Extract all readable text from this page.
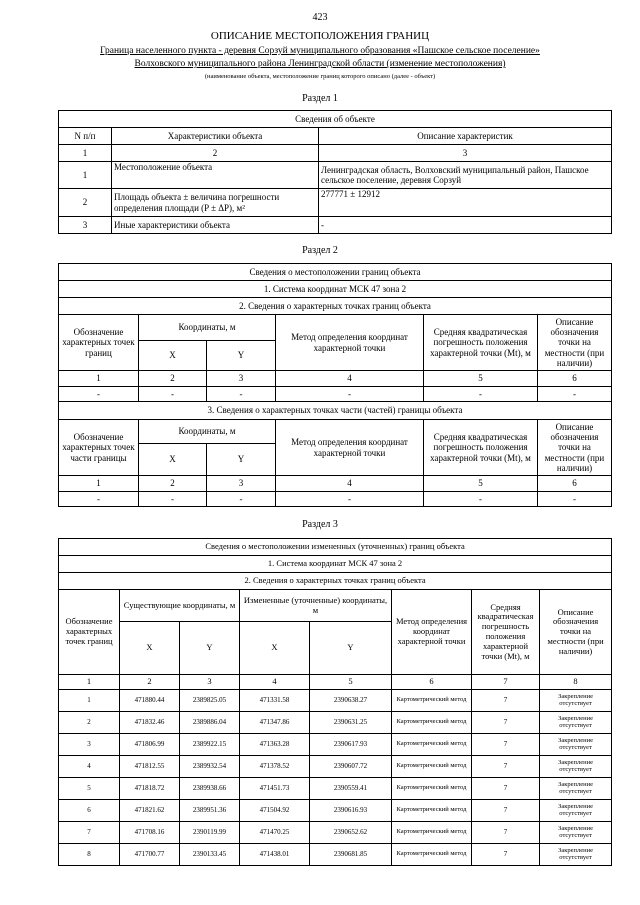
423
ОПИСАНИЕ МЕСТОПОЛОЖЕНИЯ ГРАНИЦ
Граница населенного пункта - деревня Сорзуй муниципального образования «Пашское сельское поселение»
Волховского муниципального района Ленинградской области (изменение местоположения)
(наименование объекта, местоположение границ которого описано (далее - объект)
Раздел 1
Сведения об объекте		
N п/п	Характеристики объекта	Описание характеристик
1	2	3
1	Местоположение объекта	Ленинградская область, Волховский муниципальный район, Пашское сельское поселение, деревня Сорзуй
2	Площадь объекта ± величина погрешности определения площади (P ± ΔP), м²	277771 ± 12912
3	Иные характеристики объекта	-
Раздел 2
Сведения о местоположении границ объекта					
1. Система координат МСК 47 зона 2					
2. Сведения о характерных точках границ объекта					
Обозначение характерных точек границ	Координаты, м		Метод определения координат характерной точки	Средняя квадратическая погрешность положения характерной точки (Mt), м	Описание обозначения точки на местности (при наличии)
	X	Y			
1	2	3	4	5	6
-	-	-	-	-	-
3. Сведения о характерных точках части (частей) границы объекта					
Обозначение характерных точек части границы	Координаты, м		Метод определения координат характерной точки	Средняя квадратическая погрешность положения характерной точки (Mt), м	Описание обозначения точки на местности (при наличии)
	X	Y			
1	2	3	4	5	6
-	-	-	-	-	-
Раздел 3
Сведения о местоположении измененных (уточненных) границ объекта							
1. Система координат МСК 47 зона 2							
2. Сведения о характерных точках границ объекта							
Обозначение характерных точек границ	Существующие координаты, м		Измененные (уточненные) координаты, м		Метод определения координат характерной точки	Средняя квадратическая погрешность положения характерной точки (Mt), м	Описание обозначения точки на местности (при наличии)
	X	Y	X	Y			
1	2	3	4	5	6	7	8
1	471880.44	2389825.05	471331.58	2390638.27	Картометрический метод	7	Закрепление отсутствует
2	471832.46	2389886.04	471347.86	2390631.25	Картометрический метод	7	Закрепление отсутствует
3	471806.99	2389922.15	471363.28	2390617.93	Картометрический метод	7	Закрепление отсутствует
4	471812.55	2389932.54	471378.52	2390607.72	Картометрический метод	7	Закрепление отсутствует
5	471818.72	2389938.66	471451.73	2390559.41	Картометрический метод	7	Закрепление отсутствует
6	471821.62	2389951.36	471504.92	2390616.93	Картометрический метод	7	Закрепление отсутствует
7	471708.16	2390119.99	471470.25	2390652.62	Картометрический метод	7	Закрепление отсутствует
8	471700.77	2390133.45	471438.01	2390681.85	Картометрический метод	7	Закрепление отсутствует
